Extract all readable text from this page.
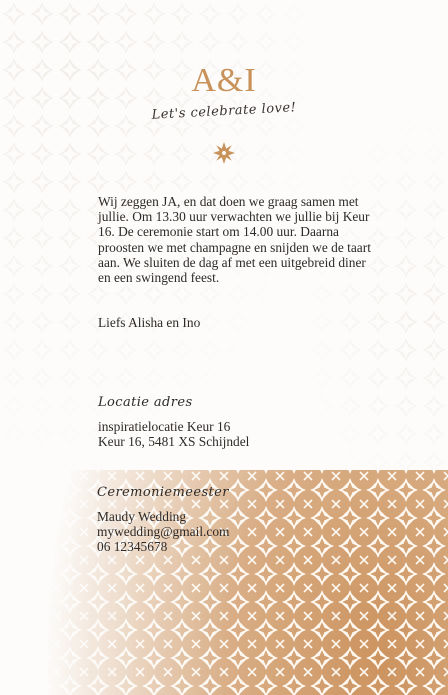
A&I
Let's celebrate love!

Wij zeggen JA, en dat doen we graag samen met jullie. Om 13.30 uur verwachten we jullie bij Keur 16. De ceremonie start om 14.00 uur. Daarna proosten we met champagne en snijden we de taart aan. We sluiten de dag af met een uitgebreid diner en een swingend feest.

Liefs Alisha en Ino

Locatie adres

inspiratielocatie Keur 16
Keur 16, 5481 XS Schijndel

Ceremoniemeester

Maudy Wedding
mywedding@gmail.com
06 12345678
